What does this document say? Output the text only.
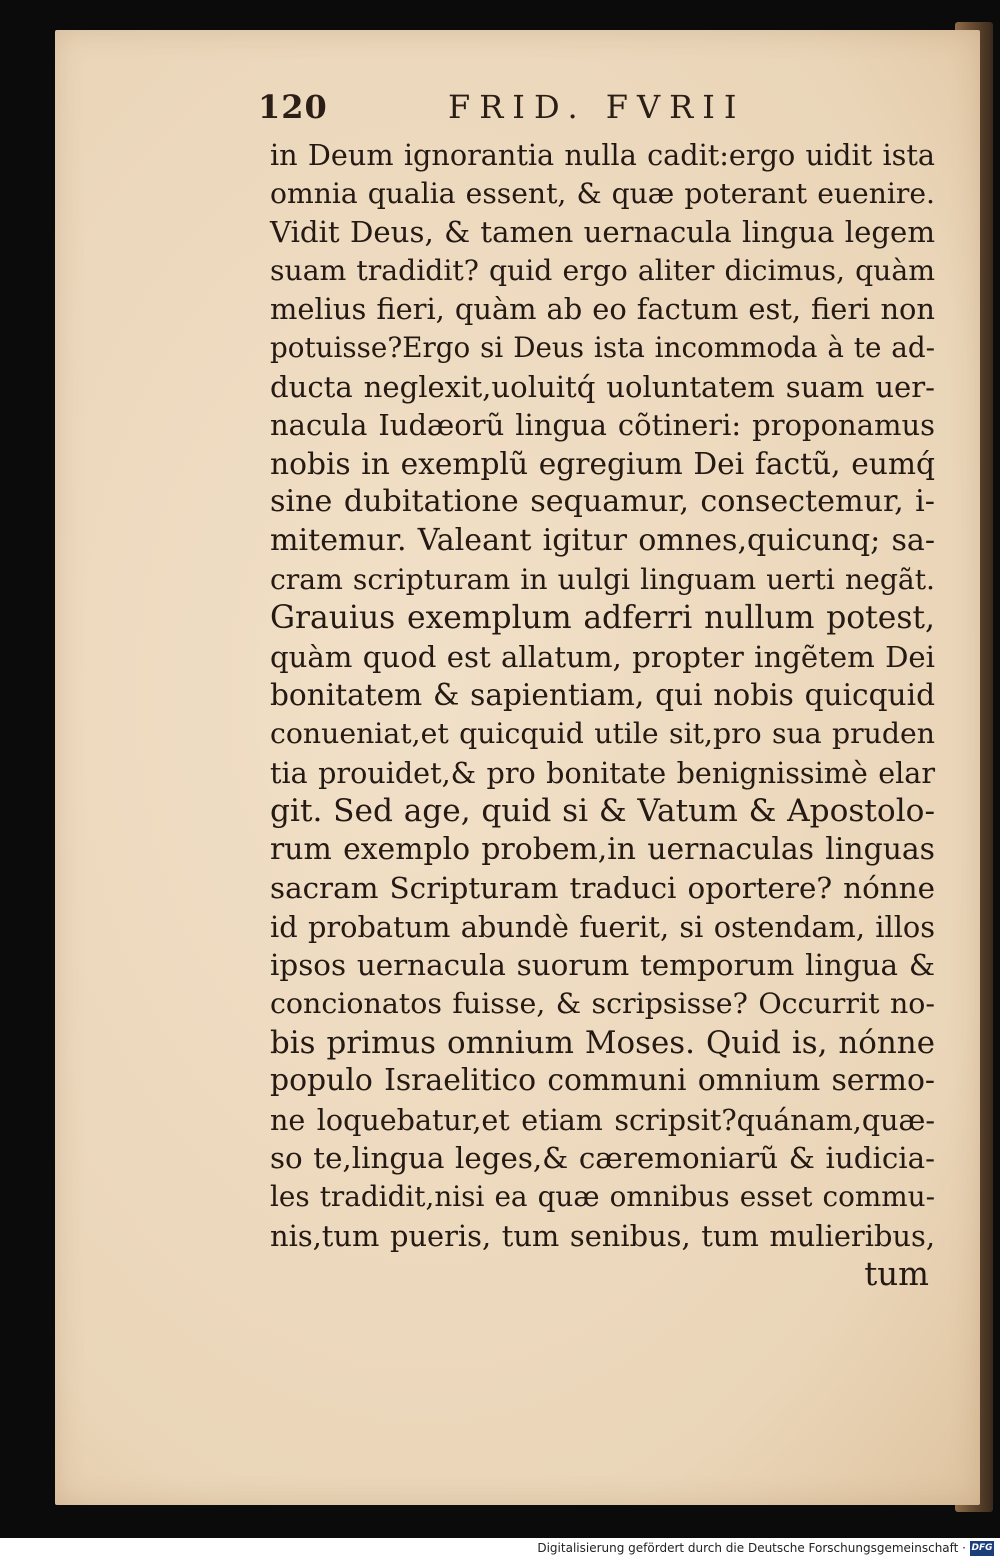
120	FRID. FVRII
in Deum ignorantia nulla cadit:ergo uidit ista
omnia qualia essent, & quæ poterant euenire.
Vidit Deus, & tamen uernacula lingua legem
suam tradidit? quid ergo aliter dicimus, quàm
melius fieri, quàm ab eo factum est, fieri non
potuisse?Ergo si Deus ista incommoda à te ad-
ducta neglexit,uoluitq́ uoluntatem suam uer-
nacula Iudæorũ lingua cõtineri: proponamus
nobis in exemplũ egregium Dei factũ, eumq́
sine dubitatione sequamur, consectemur, i-
mitemur. Valeant igitur omnes,quicunq; sa-
cram scripturam in uulgi linguam uerti negãt.
Grauius exemplum adferri nullum potest,
quàm quod est allatum, propter ingẽtem Dei
bonitatem & sapientiam, qui nobis quicquid
conueniat,et quicquid utile sit,pro sua pruden
tia prouidet,& pro bonitate benignissimè elar
git. Sed age, quid si & Vatum & Apostolo-
rum exemplo probem,in uernaculas linguas
sacram Scripturam traduci oportere? nónne
id probatum abundè fuerit, si ostendam, illos
ipsos uernacula suorum temporum lingua &
concionatos fuisse, & scripsisse? Occurrit no-
bis primus omnium Moses. Quid is, nónne
populo Israelitico communi omnium sermo-
ne loquebatur,et etiam scripsit?quánam,quæ-
so te,lingua leges,& cæremoniarũ & iudicia-
les tradidit,nisi ea quæ omnibus esset commu-
nis,tum pueris, tum senibus, tum mulieribus,
tum
Digitalisierung gefördert durch die Deutsche Forschungsgemeinschaft · DFG
